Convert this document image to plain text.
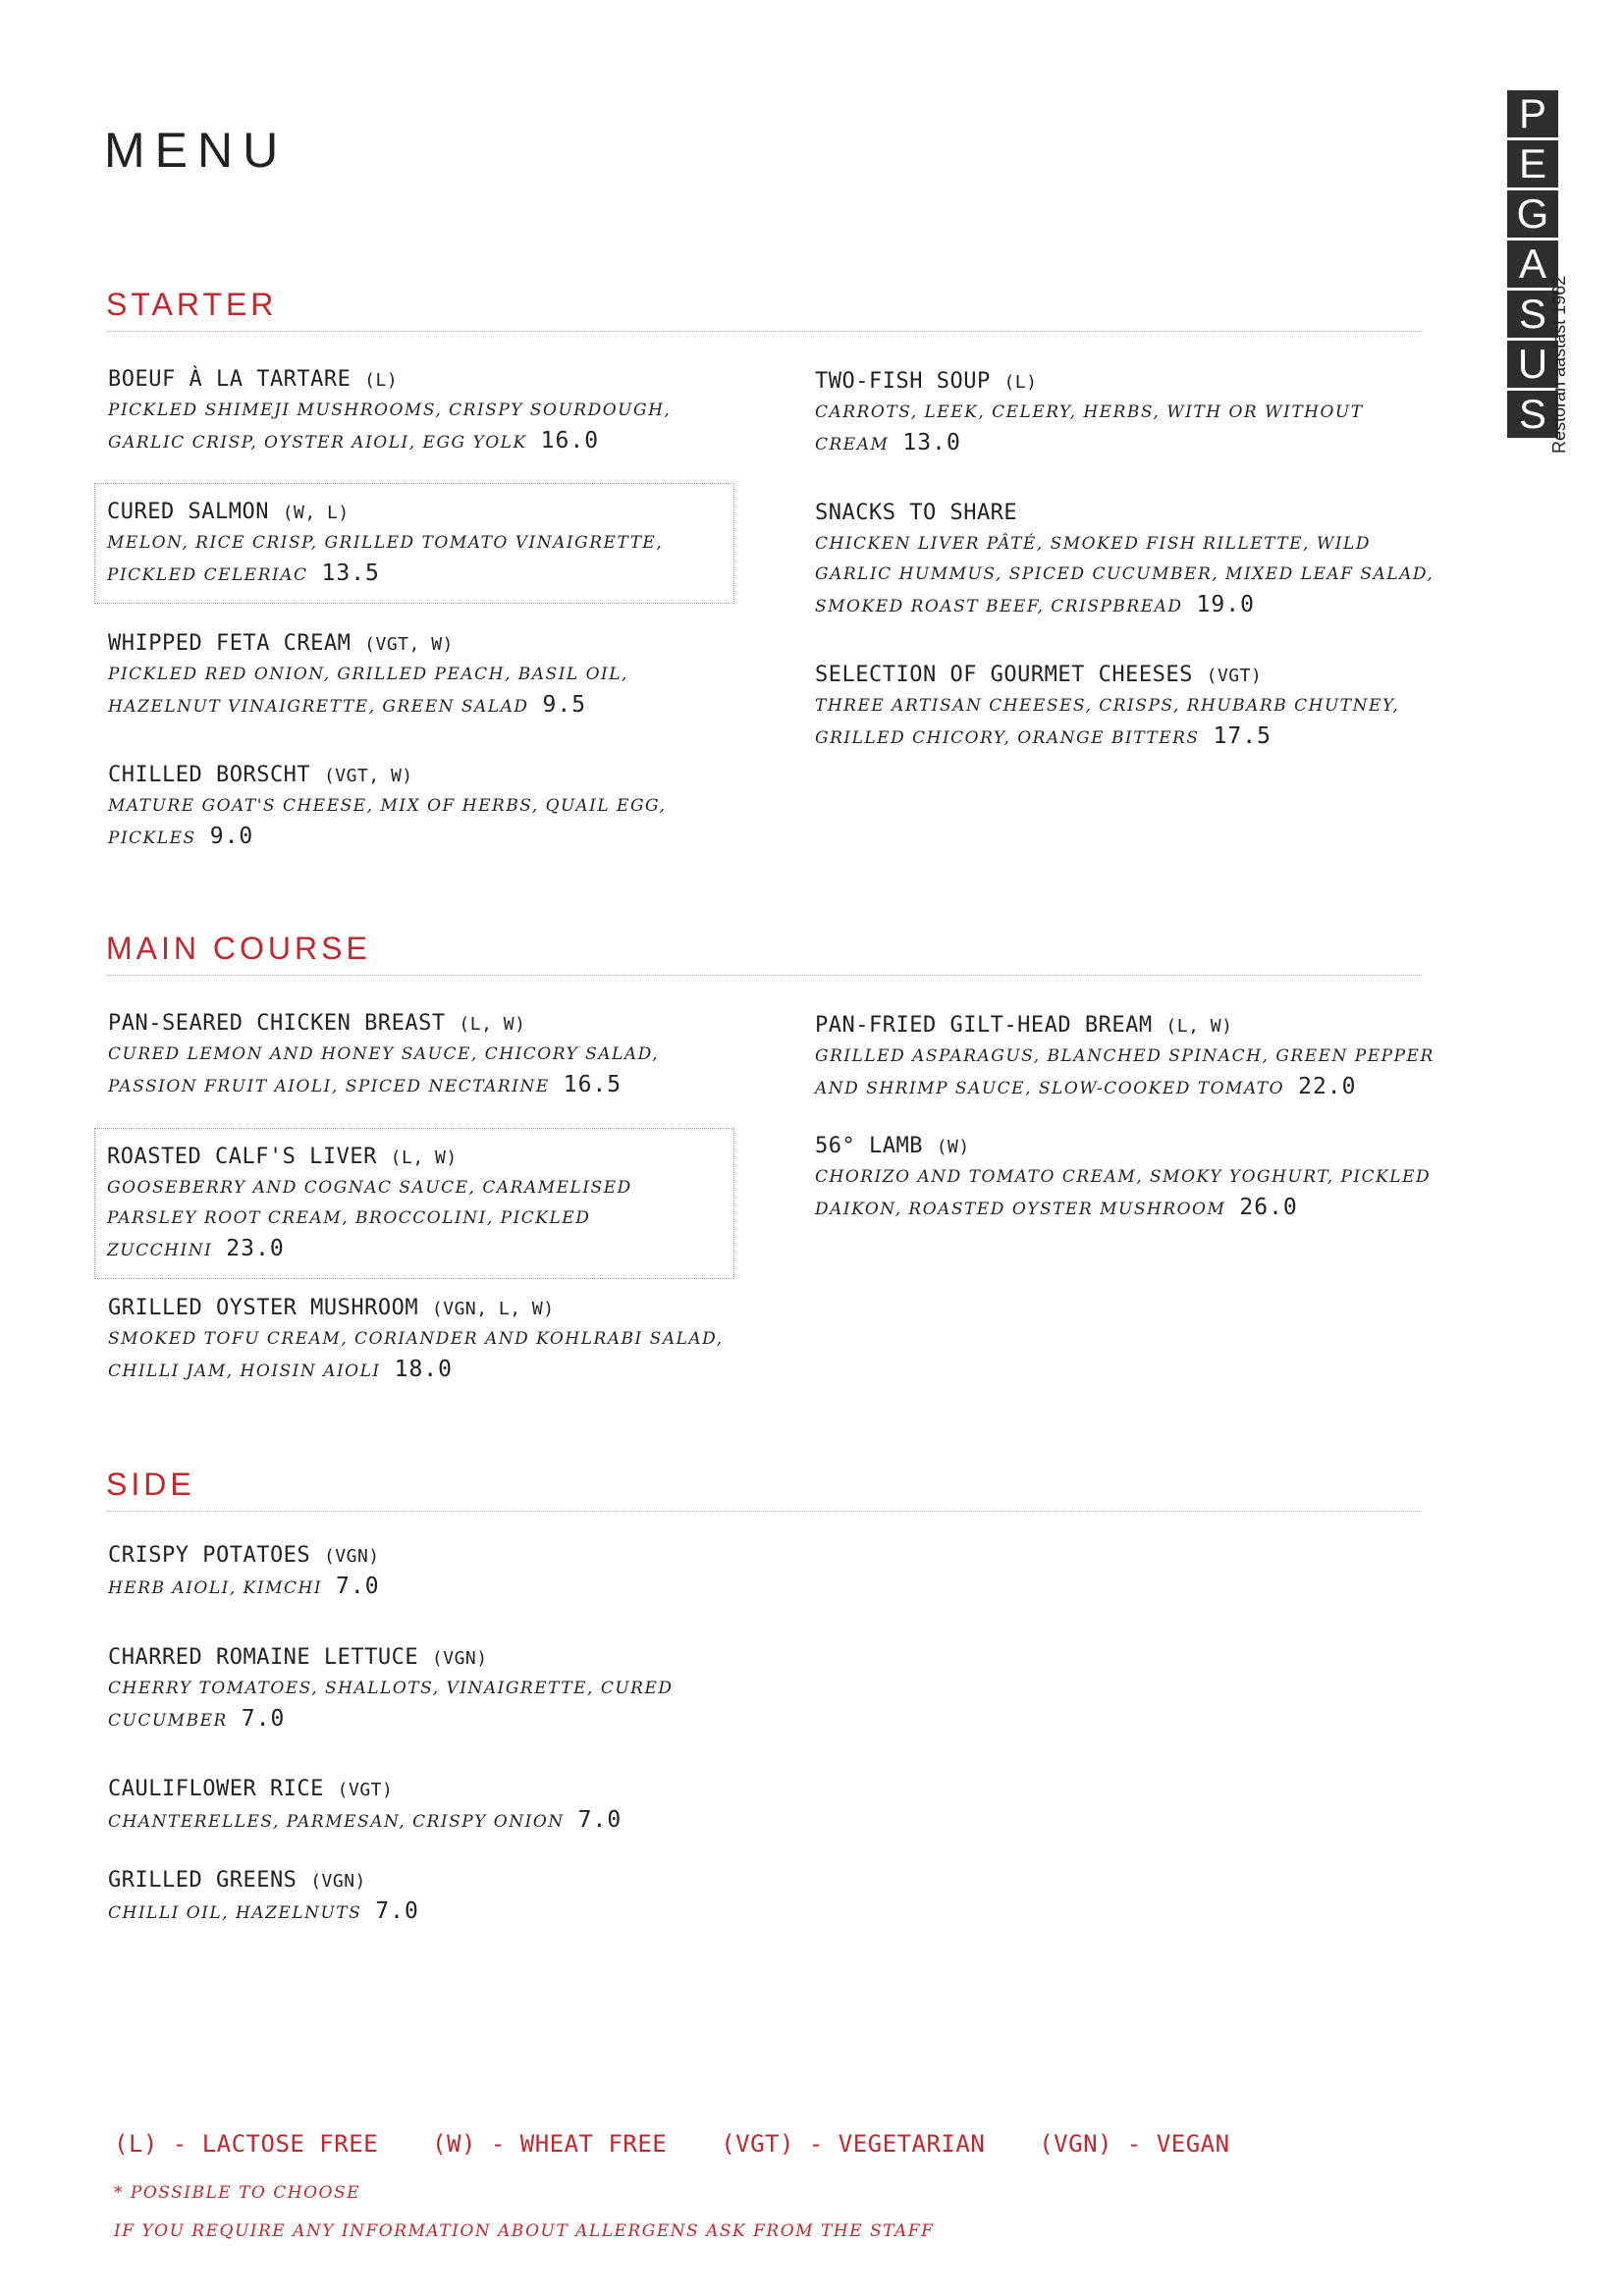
MENU
P
E
G
A
S
U
S Restoran aastast 1962
STARTER
BOEUF À LA TARTARE (L)
PICKLED SHIMEJI MUSHROOMS, CRISPY SOURDOUGH, GARLIC CRISP, OYSTER AIOLI, EGG YOLK 16.0
CURED SALMON (W, L)
MELON, RICE CRISP, GRILLED TOMATO VINAIGRETTE, PICKLED CELERIAC 13.5
WHIPPED FETA CREAM (VGT, W)
PICKLED RED ONION, GRILLED PEACH, BASIL OIL, HAZELNUT VINAIGRETTE, GREEN SALAD 9.5
CHILLED BORSCHT (VGT, W)
MATURE GOAT'S CHEESE, MIX OF HERBS, QUAIL EGG, PICKLES 9.0
TWO-FISH SOUP (L)
CARROTS, LEEK, CELERY, HERBS, WITH OR WITHOUT CREAM 13.0
SNACKS TO SHARE
CHICKEN LIVER PÂTÉ, SMOKED FISH RILLETTE, WILD GARLIC HUMMUS, SPICED CUCUMBER, MIXED LEAF SALAD, SMOKED ROAST BEEF, CRISPBREAD 19.0
SELECTION OF GOURMET CHEESES (VGT)
THREE ARTISAN CHEESES, CRISPS, RHUBARB CHUTNEY, GRILLED CHICORY, ORANGE BITTERS 17.5
MAIN COURSE
PAN-SEARED CHICKEN BREAST (L, W)
CURED LEMON AND HONEY SAUCE, CHICORY SALAD, PASSION FRUIT AIOLI, SPICED NECTARINE 16.5
ROASTED CALF'S LIVER (L, W)
GOOSEBERRY AND COGNAC SAUCE, CARAMELISED PARSLEY ROOT CREAM, BROCCOLINI, PICKLED ZUCCHINI 23.0
GRILLED OYSTER MUSHROOM (VGN, L, W)
SMOKED TOFU CREAM, CORIANDER AND KOHLRABI SALAD, CHILLI JAM, HOISIN AIOLI 18.0
PAN-FRIED GILT-HEAD BREAM (L, W)
GRILLED ASPARAGUS, BLANCHED SPINACH, GREEN PEPPER AND SHRIMP SAUCE, SLOW-COOKED TOMATO 22.0
56° LAMB (W)
CHORIZO AND TOMATO CREAM, SMOKY YOGHURT, PICKLED DAIKON, ROASTED OYSTER MUSHROOM 26.0
SIDE
CRISPY POTATOES (VGN)
HERB AIOLI, KIMCHI 7.0
CHARRED ROMAINE LETTUCE (VGN)
CHERRY TOMATOES, SHALLOTS, VINAIGRETTE, CURED CUCUMBER 7.0
CAULIFLOWER RICE (VGT)
CHANTERELLES, PARMESAN, CRISPY ONION 7.0
GRILLED GREENS (VGN)
CHILLI OIL, HAZELNUTS 7.0
(L) - LACTOSE FREE (W) - WHEAT FREE (VGT) - VEGETARIAN (VGN) - VEGAN
* POSSIBLE TO CHOOSE
IF YOU REQUIRE ANY INFORMATION ABOUT ALLERGENS ASK FROM THE STAFF
